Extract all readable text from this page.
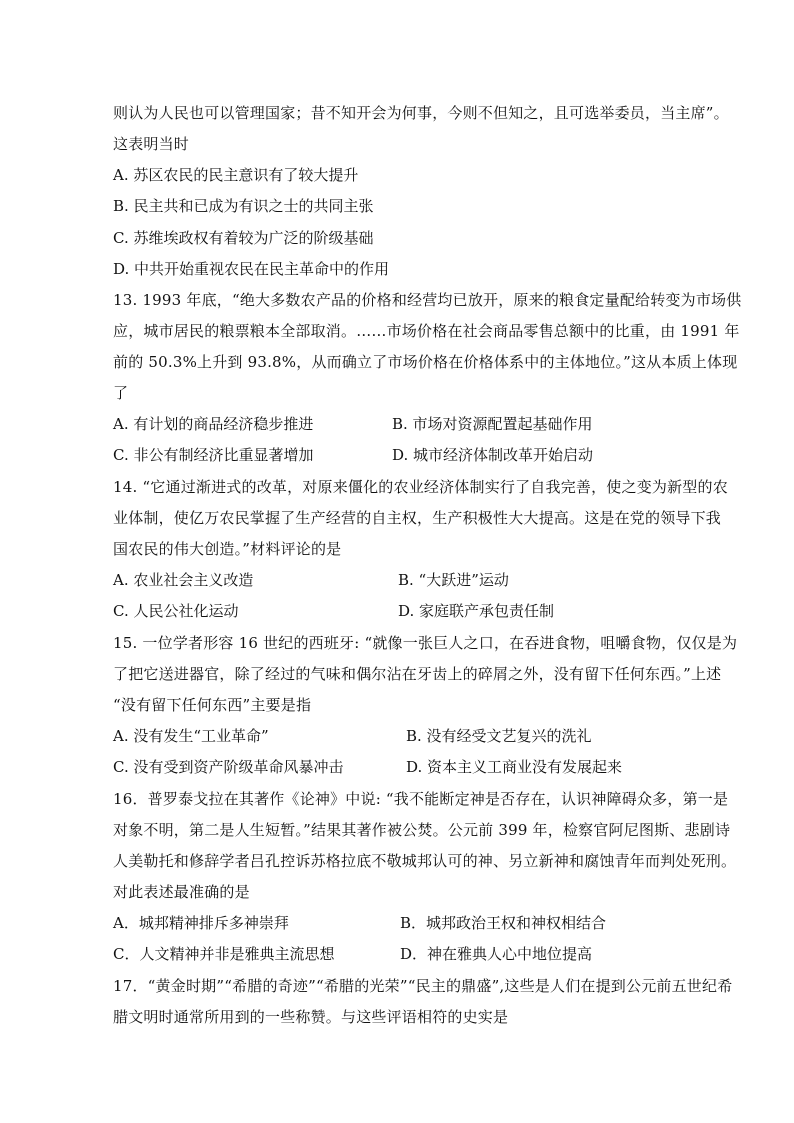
则认为人民也可以管理国家；昔不知开会为何事，今则不但知之，且可选举委员，当主席”。
这表明当时
A. 苏区农民的民主意识有了较大提升
B. 民主共和已成为有识之士的共同主张
C. 苏维埃政权有着较为广泛的阶级基础
D. 中共开始重视农民在民主革命中的作用
13. 1993 年底，“绝大多数农产品的价格和经营均已放开，原来的粮食定量配给转变为市场供
应，城市居民的粮票粮本全部取消。……市场价格在社会商品零售总额中的比重，由 1991 年
前的 50.3%上升到 93.8%，从而确立了市场价格在价格体系中的主体地位。”这从本质上体现
了
A. 有计划的商品经济稳步推进	B. 市场对资源配置起基础作用
C. 非公有制经济比重显著增加	D. 城市经济体制改革开始启动
14. “它通过渐进式的改革，对原来僵化的农业经济体制实行了自我完善，使之变为新型的农
业体制，使亿万农民掌握了生产经营的自主权，生产积极性大大提高。这是在党的领导下我
国农民的伟大创造。”材料评论的是
A. 农业社会主义改造	B. “大跃进”运动
C. 人民公社化运动	D. 家庭联产承包责任制
15. 一位学者形容 16 世纪的西班牙: “就像一张巨人之口，在吞进食物，咀嚼食物，仅仅是为
了把它送进器官，除了经过的气味和偶尔沾在牙齿上的碎屑之外，没有留下任何东西。”上述
“没有留下任何东西”主要是指
A. 没有发生“工业革命”	B. 没有经受文艺复兴的洗礼
C. 没有受到资产阶级革命风暴冲击	D. 资本主义工商业没有发展起来
16．普罗泰戈拉在其著作《论神》中说: “我不能断定神是否存在，认识神障碍众多，第一是
对象不明，第二是人生短暂。”结果其著作被公焚。公元前 399 年，检察官阿尼图斯、悲剧诗
人美勒托和修辞学者吕孔控诉苏格拉底不敬城邦认可的神、另立新神和腐蚀青年而判处死刑。
对此表述最准确的是
A．城邦精神排斥多神崇拜	B．城邦政治王权和神权相结合
C．人文精神并非是雅典主流思想	D．神在雅典人心中地位提高
17．“黄金时期”“希腊的奇迹”“希腊的光荣”“民主的鼎盛”,这些是人们在提到公元前五世纪希
腊文明时通常所用到的一些称赞。与这些评语相符的史实是
